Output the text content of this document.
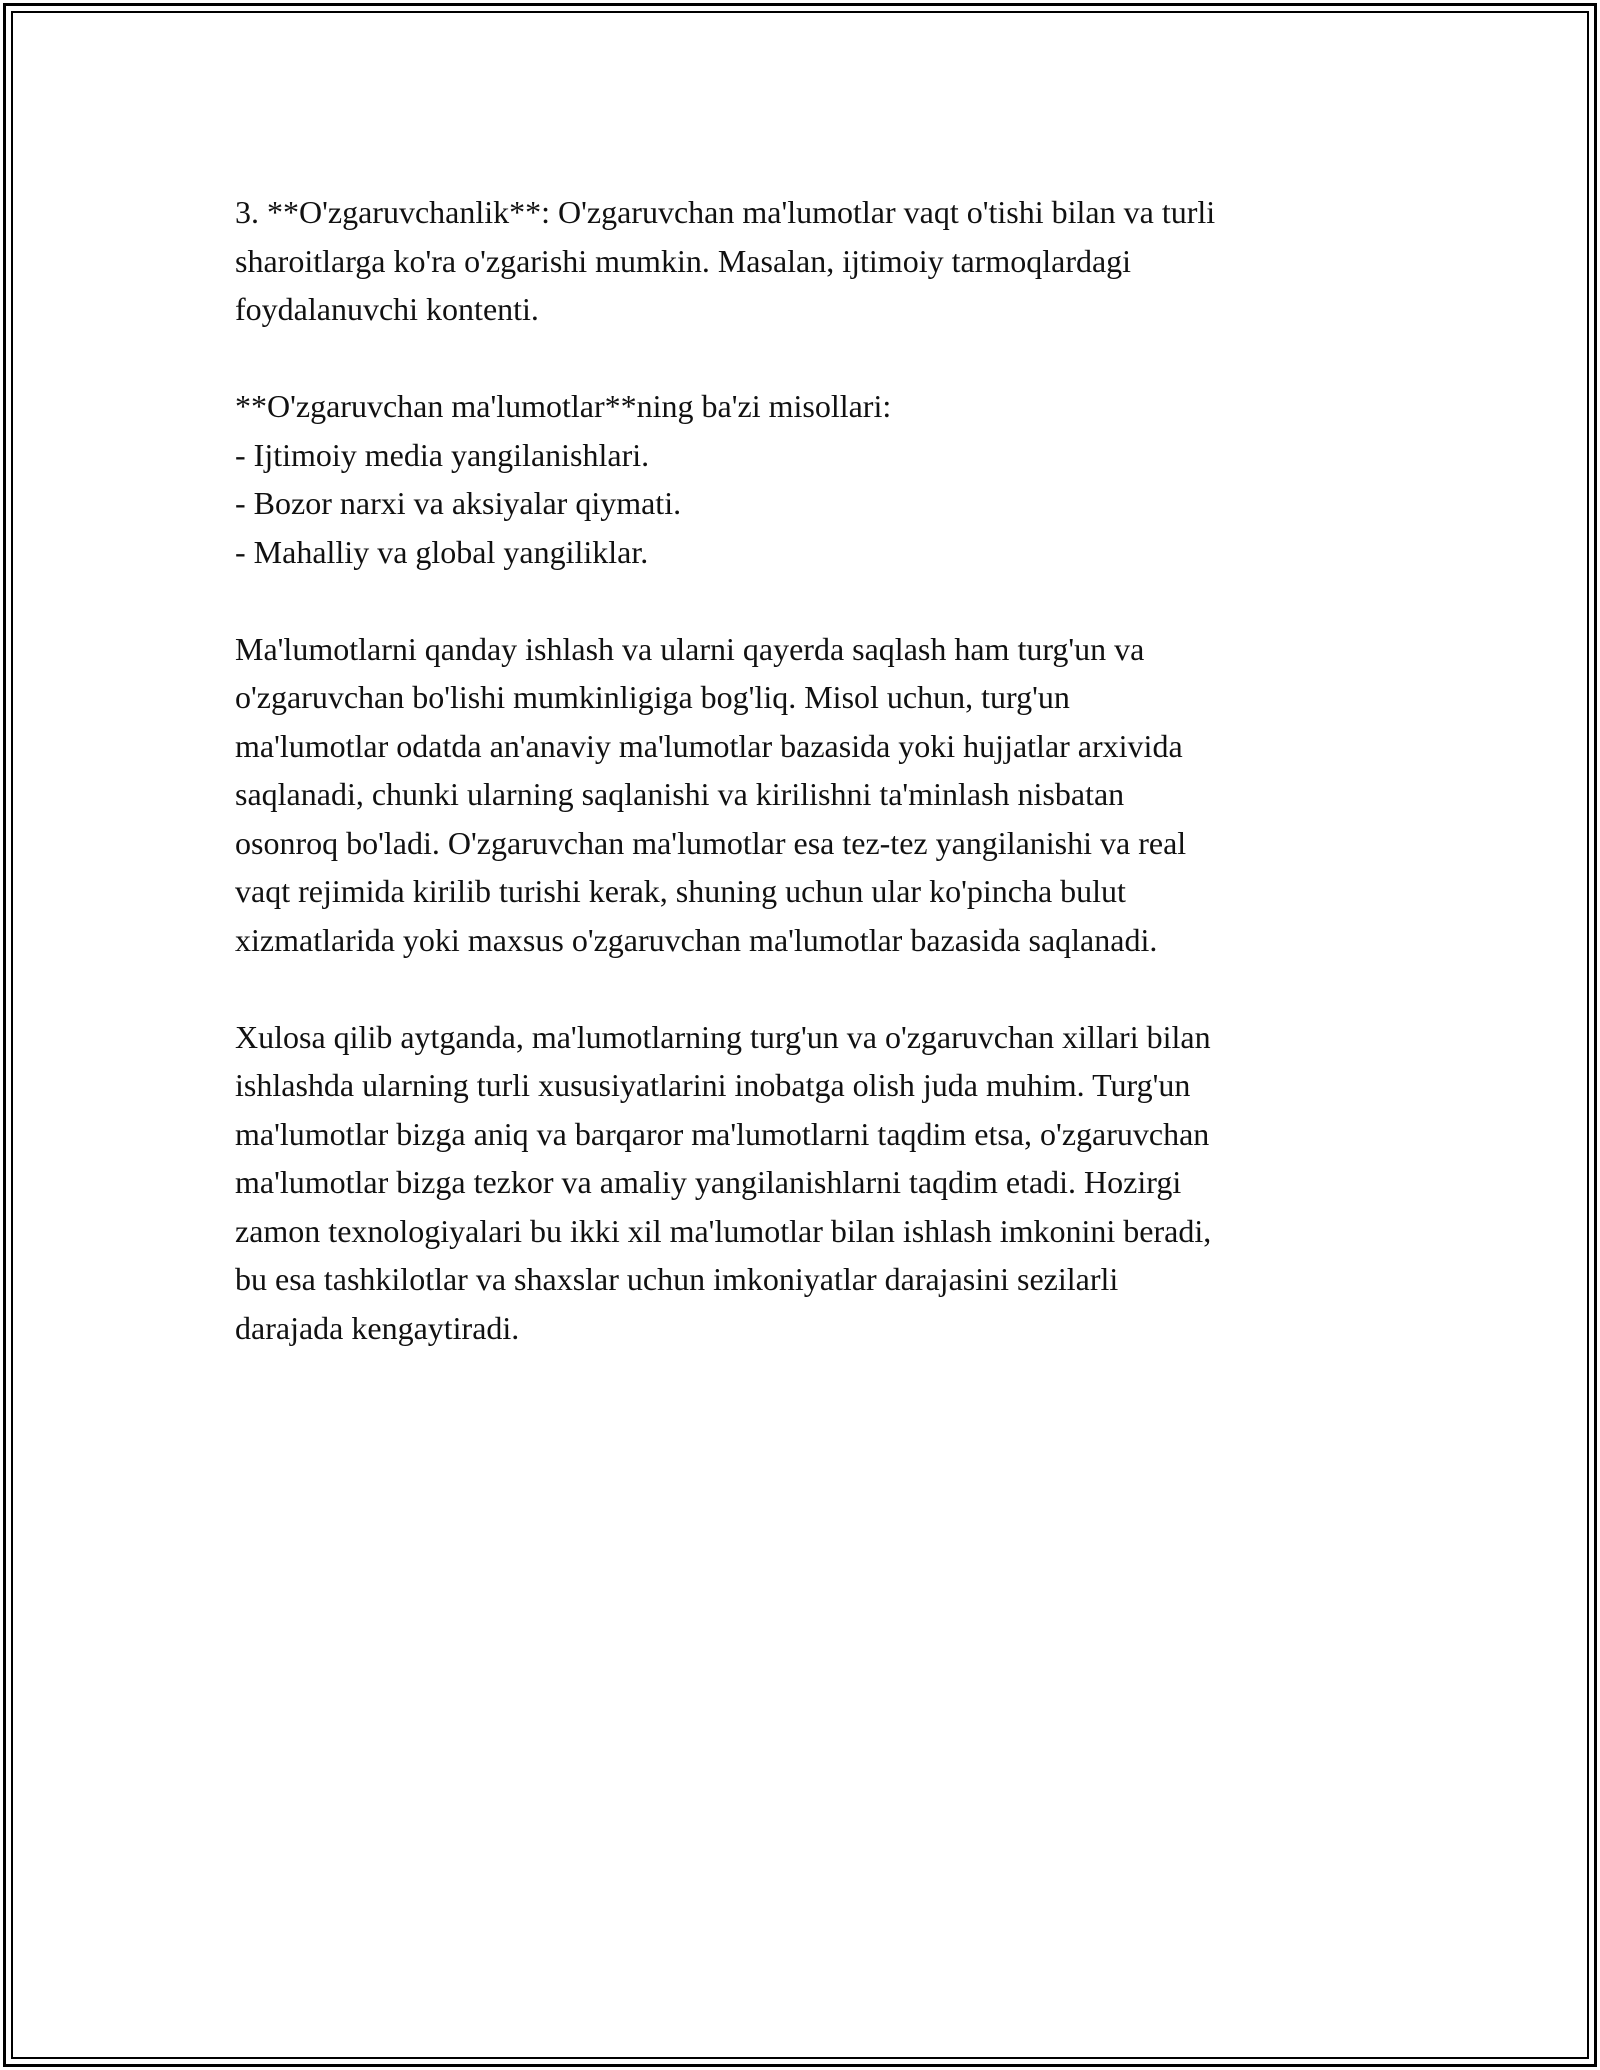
3. **O'zgaruvchanlik**: O'zgaruvchan ma'lumotlar vaqt o'tishi bilan va turli
sharoitlarga ko'ra o'zgarishi mumkin. Masalan, ijtimoiy tarmoqlardagi
foydalanuvchi kontenti.
**O'zgaruvchan ma'lumotlar**ning ba'zi misollari:
- Ijtimoiy media yangilanishlari.
- Bozor narxi va aksiyalar qiymati.
- Mahalliy va global yangiliklar.
Ma'lumotlarni qanday ishlash va ularni qayerda saqlash ham turg'un va
o'zgaruvchan bo'lishi mumkinligiga bog'liq. Misol uchun, turg'un
ma'lumotlar odatda an'anaviy ma'lumotlar bazasida yoki hujjatlar arxivida
saqlanadi, chunki ularning saqlanishi va kirilishni ta'minlash nisbatan
osonroq bo'ladi. O'zgaruvchan ma'lumotlar esa tez-tez yangilanishi va real
vaqt rejimida kirilib turishi kerak, shuning uchun ular ko'pincha bulut
xizmatlarida yoki maxsus o'zgaruvchan ma'lumotlar bazasida saqlanadi.
Xulosa qilib aytganda, ma'lumotlarning turg'un va o'zgaruvchan xillari bilan
ishlashda ularning turli xususiyatlarini inobatga olish juda muhim. Turg'un
ma'lumotlar bizga aniq va barqaror ma'lumotlarni taqdim etsa, o'zgaruvchan
ma'lumotlar bizga tezkor va amaliy yangilanishlarni taqdim etadi. Hozirgi
zamon texnologiyalari bu ikki xil ma'lumotlar bilan ishlash imkonini beradi,
bu esa tashkilotlar va shaxslar uchun imkoniyatlar darajasini sezilarli
darajada kengaytiradi.
